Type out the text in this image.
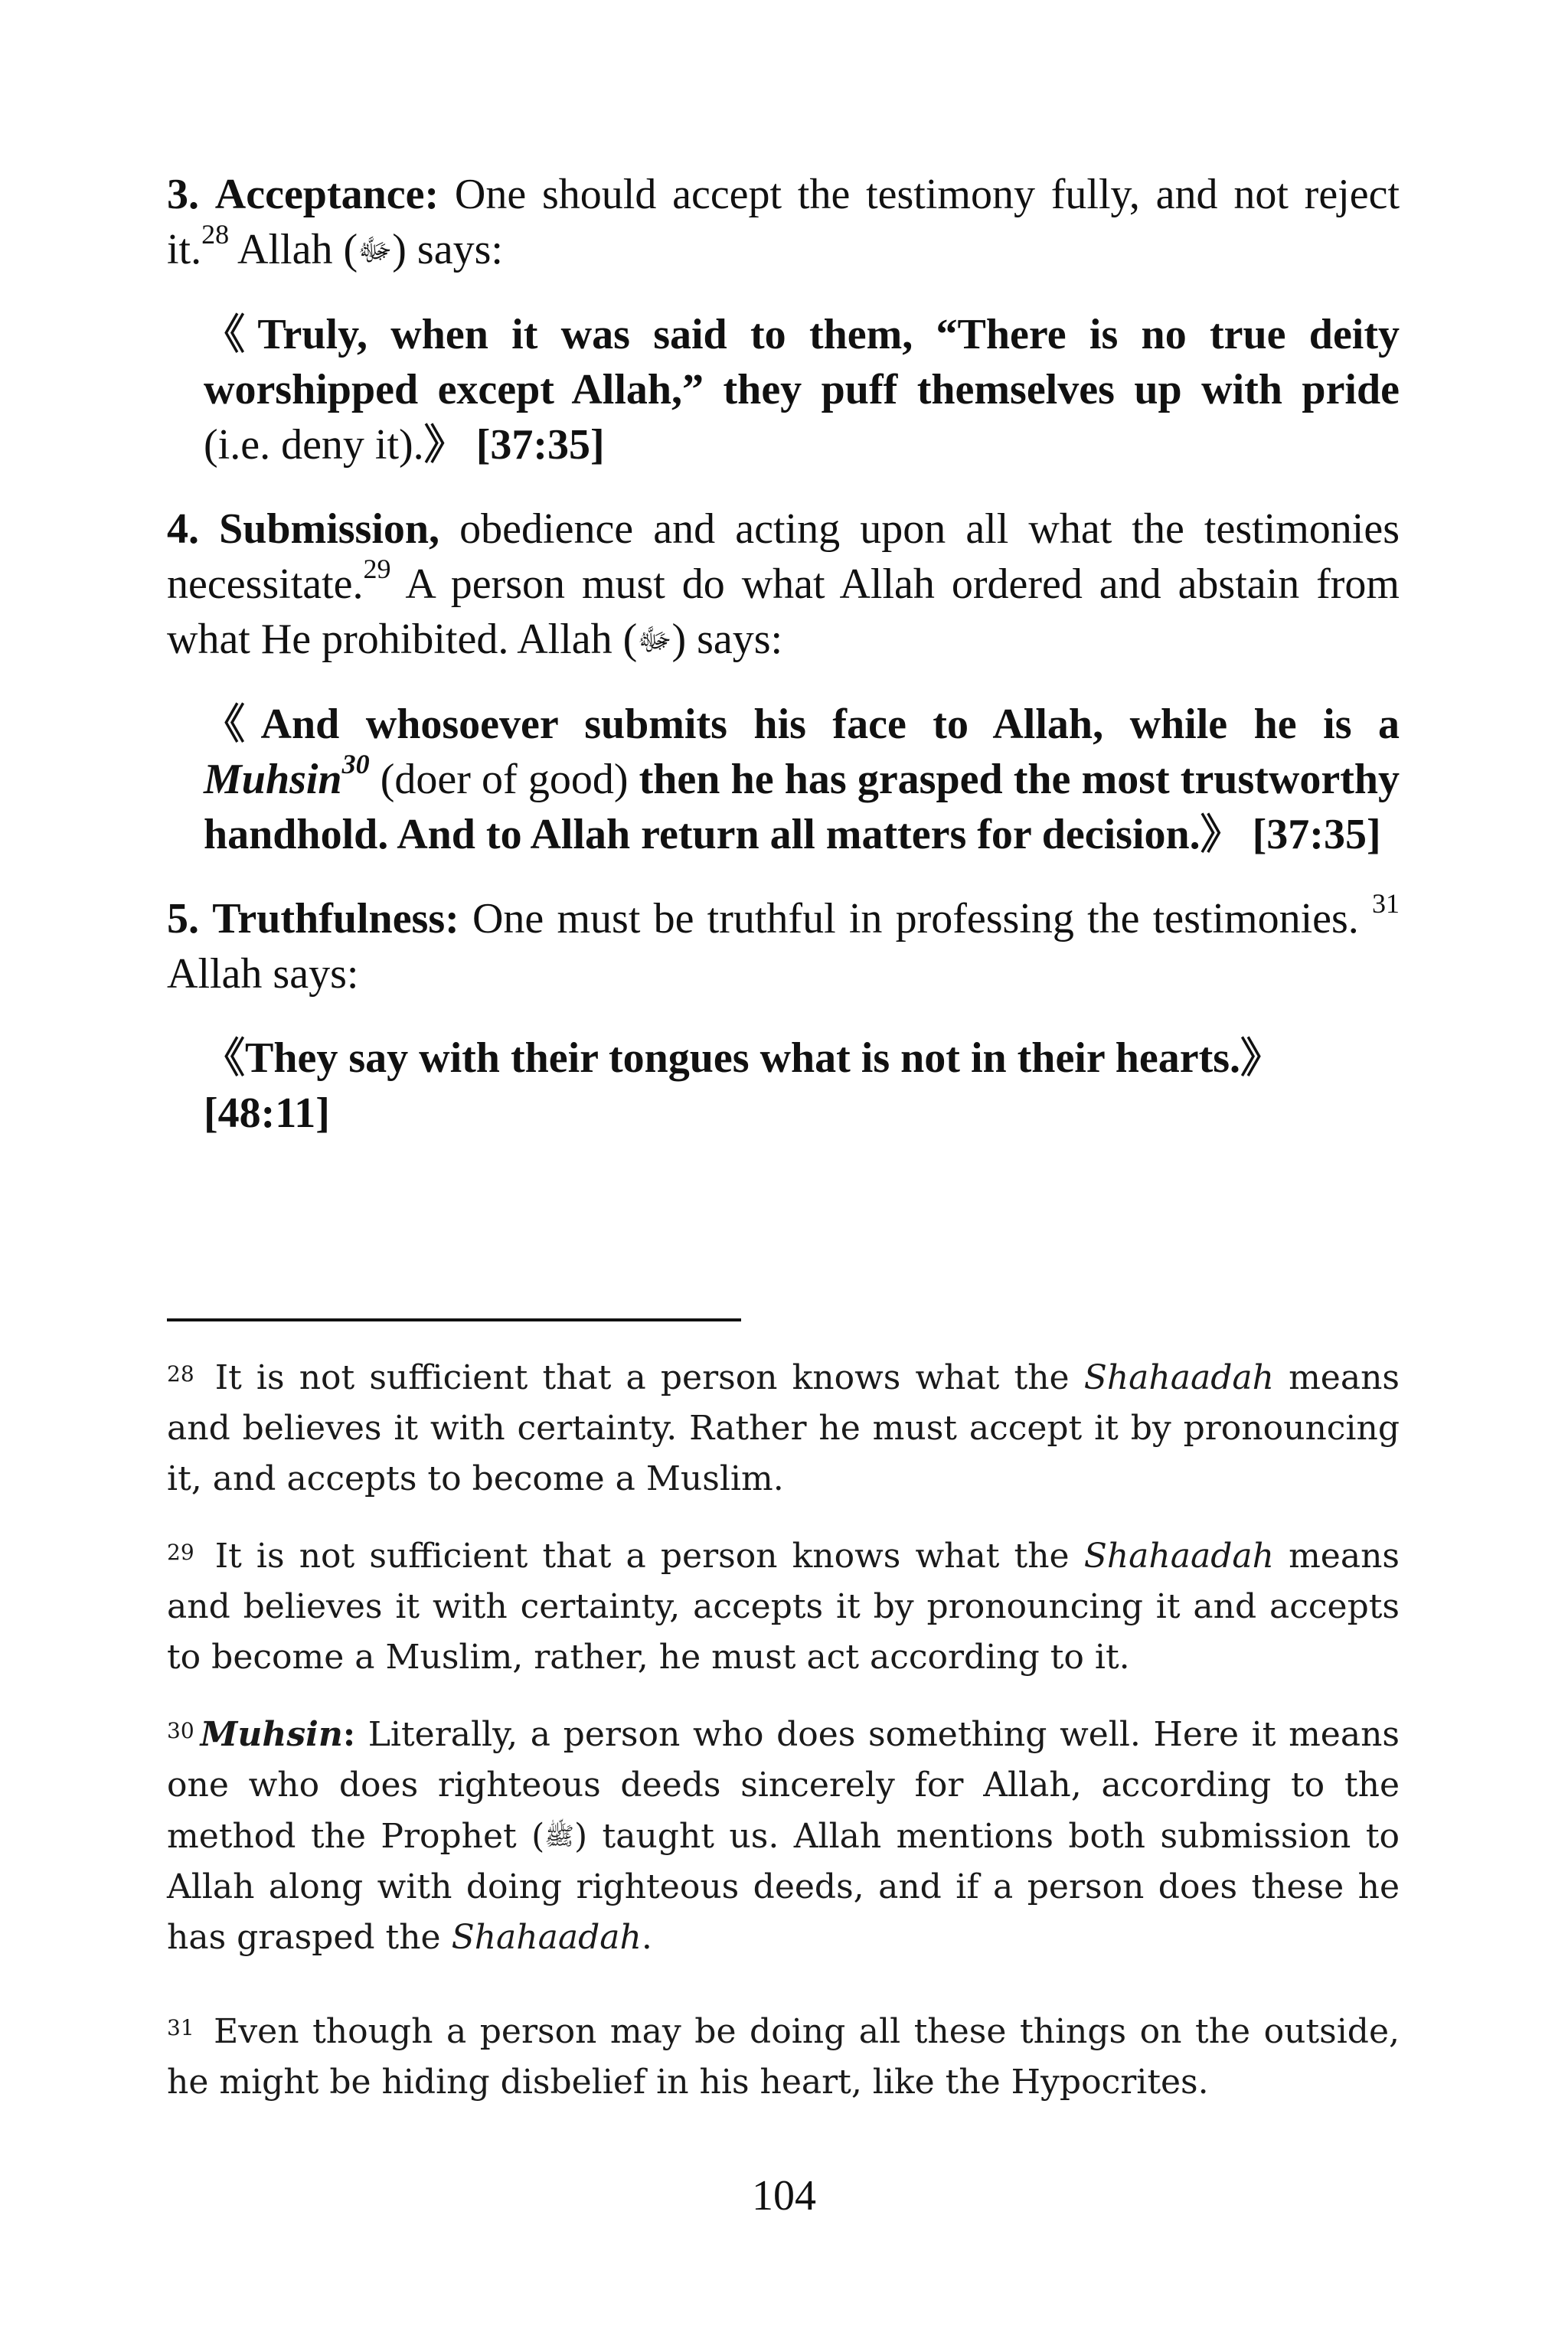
3. Acceptance: One should accept the testimony fully, and not reject it.$^{28}$ Allah (ﷻ) says:

《Truly, when it was said to them, “There is no true deity worshipped except Allah,” they puff themselves up with pride (i.e. deny it).》 [37:35]

4. Submission, obedience and acting upon all what the testimonies necessitate.$^{29}$ A person must do what Allah ordered and abstain from what He prohibited. Allah (ﷻ) says:

《And whosoever submits his face to Allah, while he is a Muhsin$^{30}$ (doer of good) then he has grasped the most trustworthy handhold. And to Allah return all matters for decision.》 [37:35]

5. Truthfulness: One must be truthful in professing the testimonies. $^{31}$ Allah says:

《They say with their tongues what is not in their hearts.》
[48:11]

$^{28}$ It is not sufficient that a person knows what the Shahaadah means and believes it with certainty. Rather he must accept it by pronouncing it, and accepts to become a Muslim.

$^{29}$ It is not sufficient that a person knows what the Shahaadah means and believes it with certainty, accepts it by pronouncing it and accepts to become a Muslim, rather, he must act according to it.

$^{30}$ Muhsin: Literally, a person who does something well. Here it means one who does righteous deeds sincerely for Allah, according to the method the Prophet (ﷺ) taught us. Allah mentions both submission to Allah along with doing righteous deeds, and if a person does these he has grasped the Shahaadah.

$^{31}$ Even though a person may be doing all these things on the outside, he might be hiding disbelief in his heart, like the Hypocrites.

104
